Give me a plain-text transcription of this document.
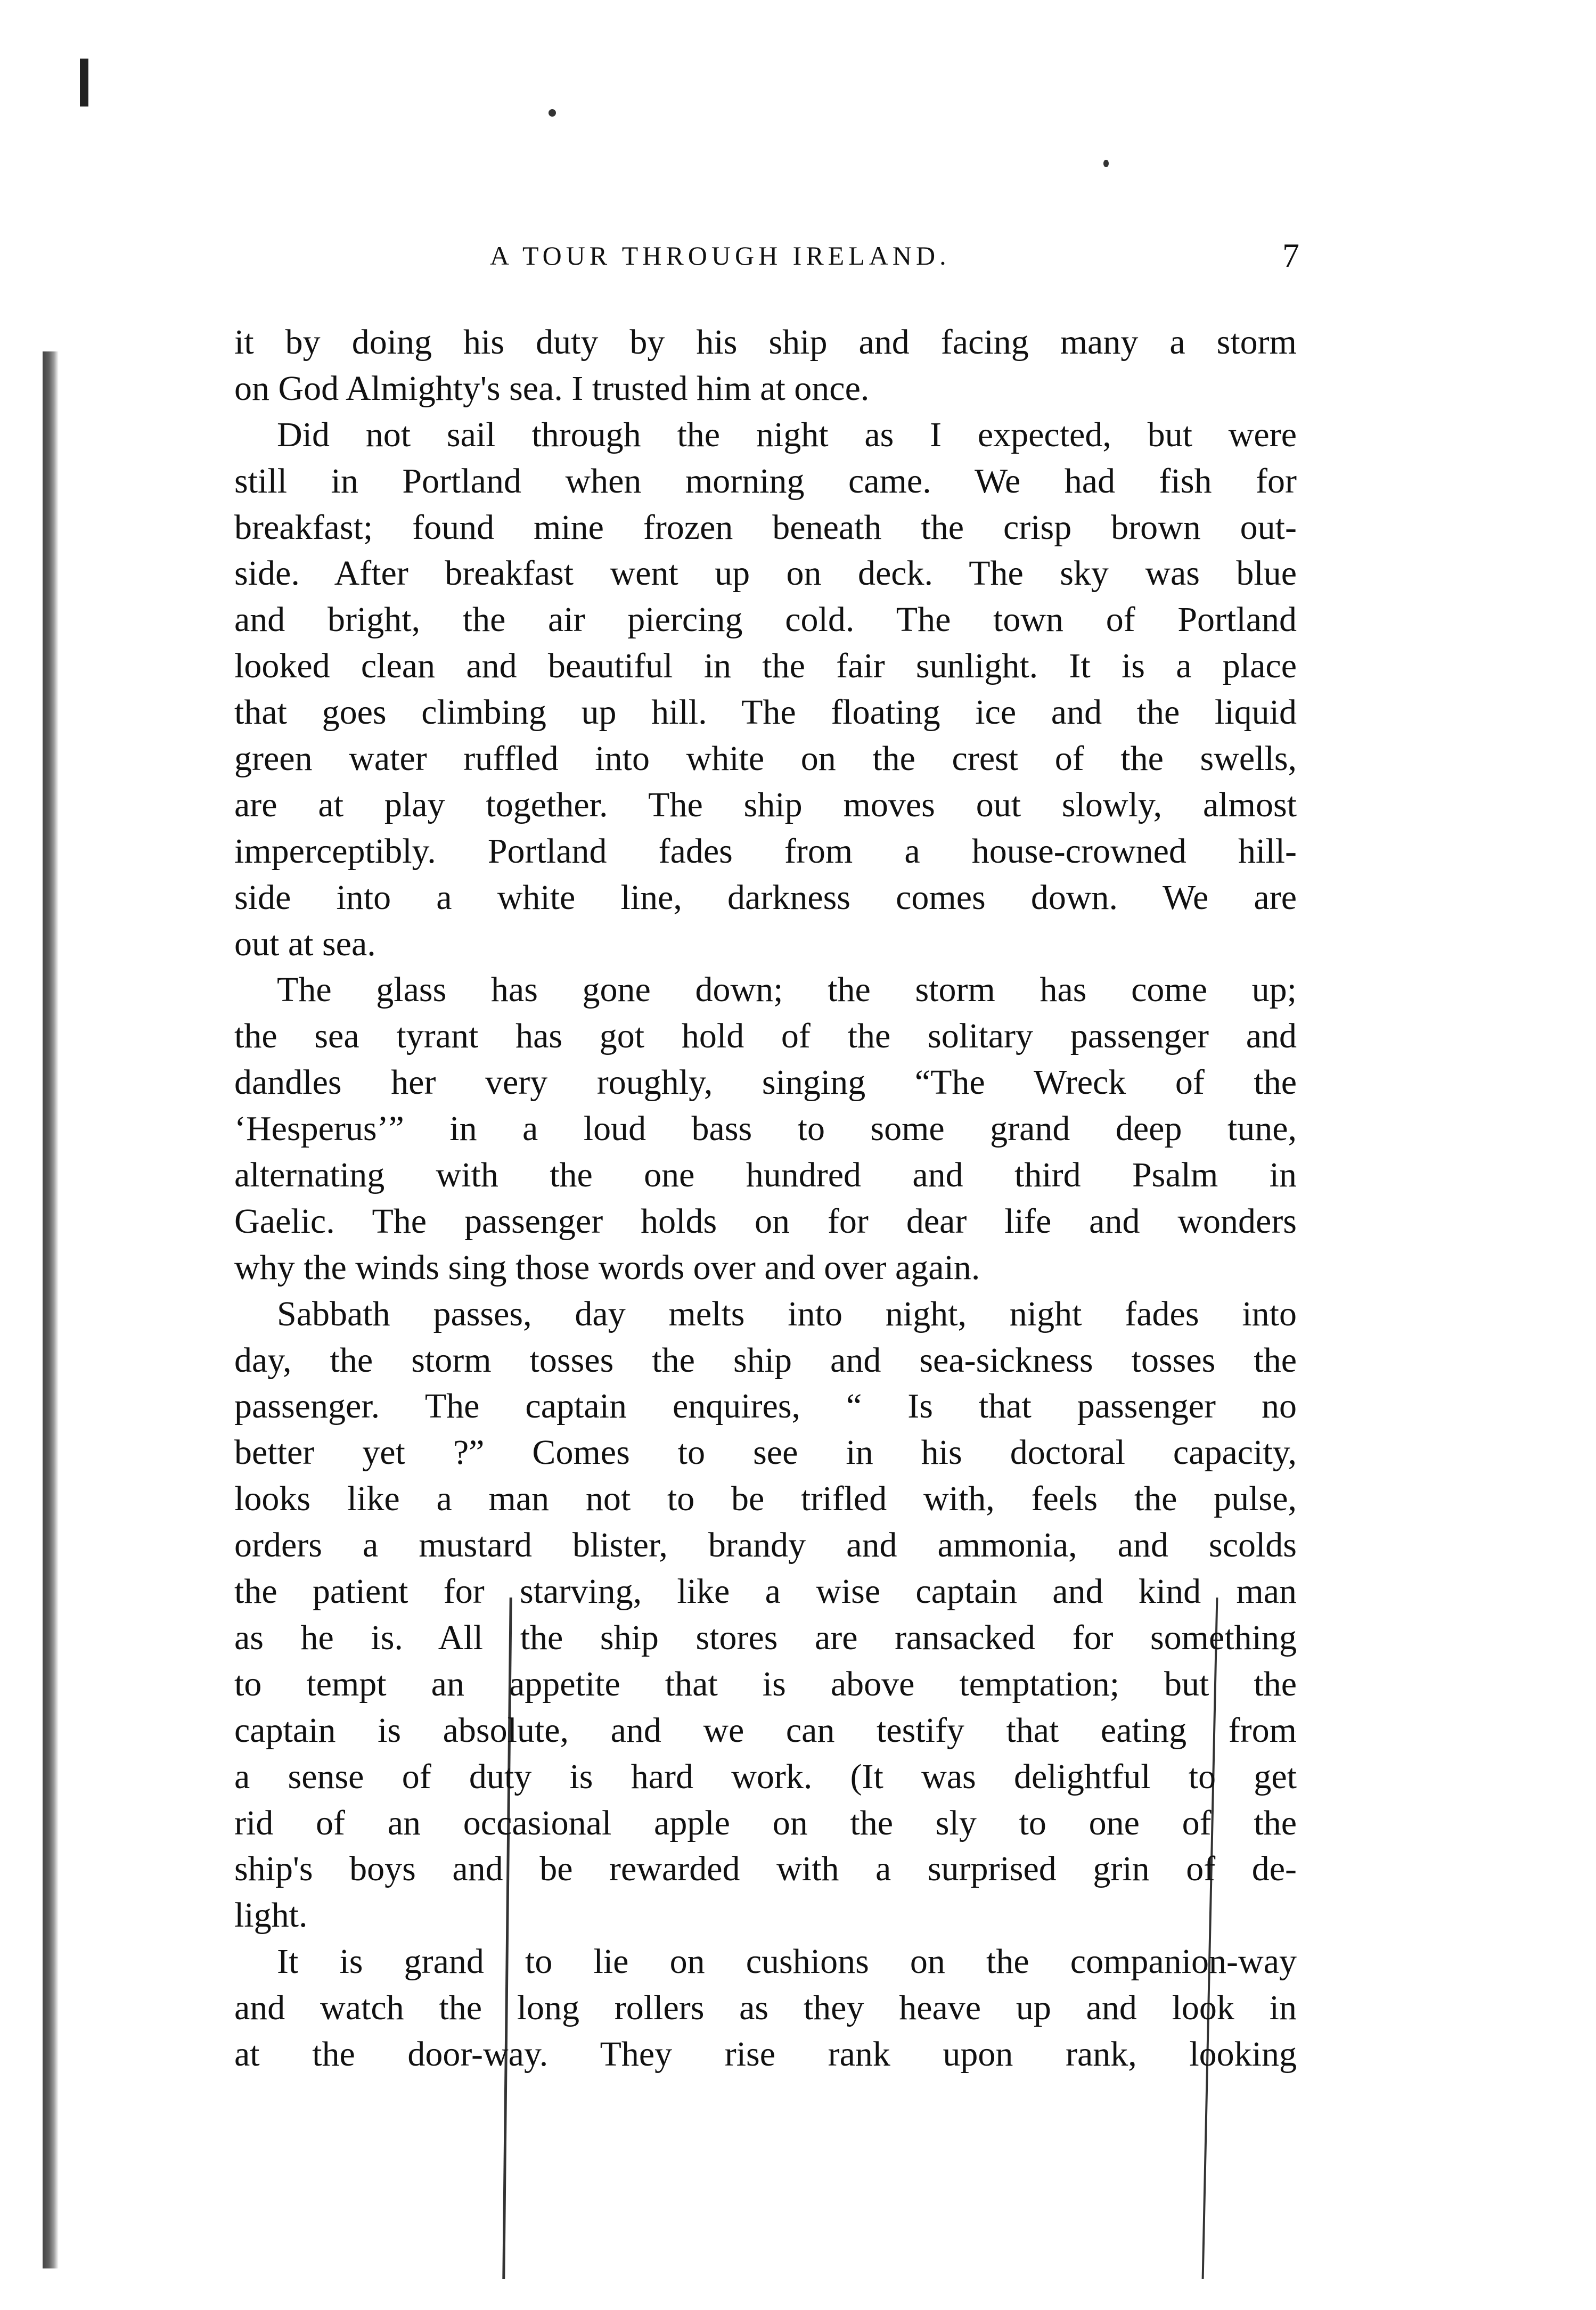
A TOUR THROUGH IRELAND.	7
it by doing his duty by his ship and facing many a storm
on God Almighty's sea. I trusted him at once.
Did not sail through the night as I expected, but were
still in Portland when morning came. We had fish for
breakfast; found mine frozen beneath the crisp brown out-
side. After breakfast went up on deck. The sky was blue
and bright, the air piercing cold. The town of Portland
looked clean and beautiful in the fair sunlight. It is a place
that goes climbing up hill. The floating ice and the liquid
green water ruffled into white on the crest of the swells,
are at play together. The ship moves out slowly, almost
imperceptibly. Portland fades from a house-crowned hill-
side into a white line, darkness comes down. We are
out at sea.
The glass has gone down; the storm has come up;
the sea tyrant has got hold of the solitary passenger and
dandles her very roughly, singing “The Wreck of the
‘Hesperus’” in a loud bass to some grand deep tune,
alternating with the one hundred and third Psalm in
Gaelic. The passenger holds on for dear life and wonders
why the winds sing those words over and over again.
Sabbath passes, day melts into night, night fades into
day, the storm tosses the ship and sea-sickness tosses the
passenger. The captain enquires, “ Is that passenger no
better yet ?” Comes to see in his doctoral capacity,
looks like a man not to be trifled with, feels the pulse,
orders a mustard blister, brandy and ammonia, and scolds
the patient for starving, like a wise captain and kind man
as he is. All the ship stores are ransacked for something
to tempt an appetite that is above temptation; but the
captain is absolute, and we can testify that eating from
a sense of duty is hard work. (It was delightful to get
rid of an occasional apple on the sly to one of the
ship's boys and be rewarded with a surprised grin of de-
light.
It is grand to lie on cushions on the companion-way
and watch the long rollers as they heave up and look in
at the door-way. They rise rank upon rank, looking
